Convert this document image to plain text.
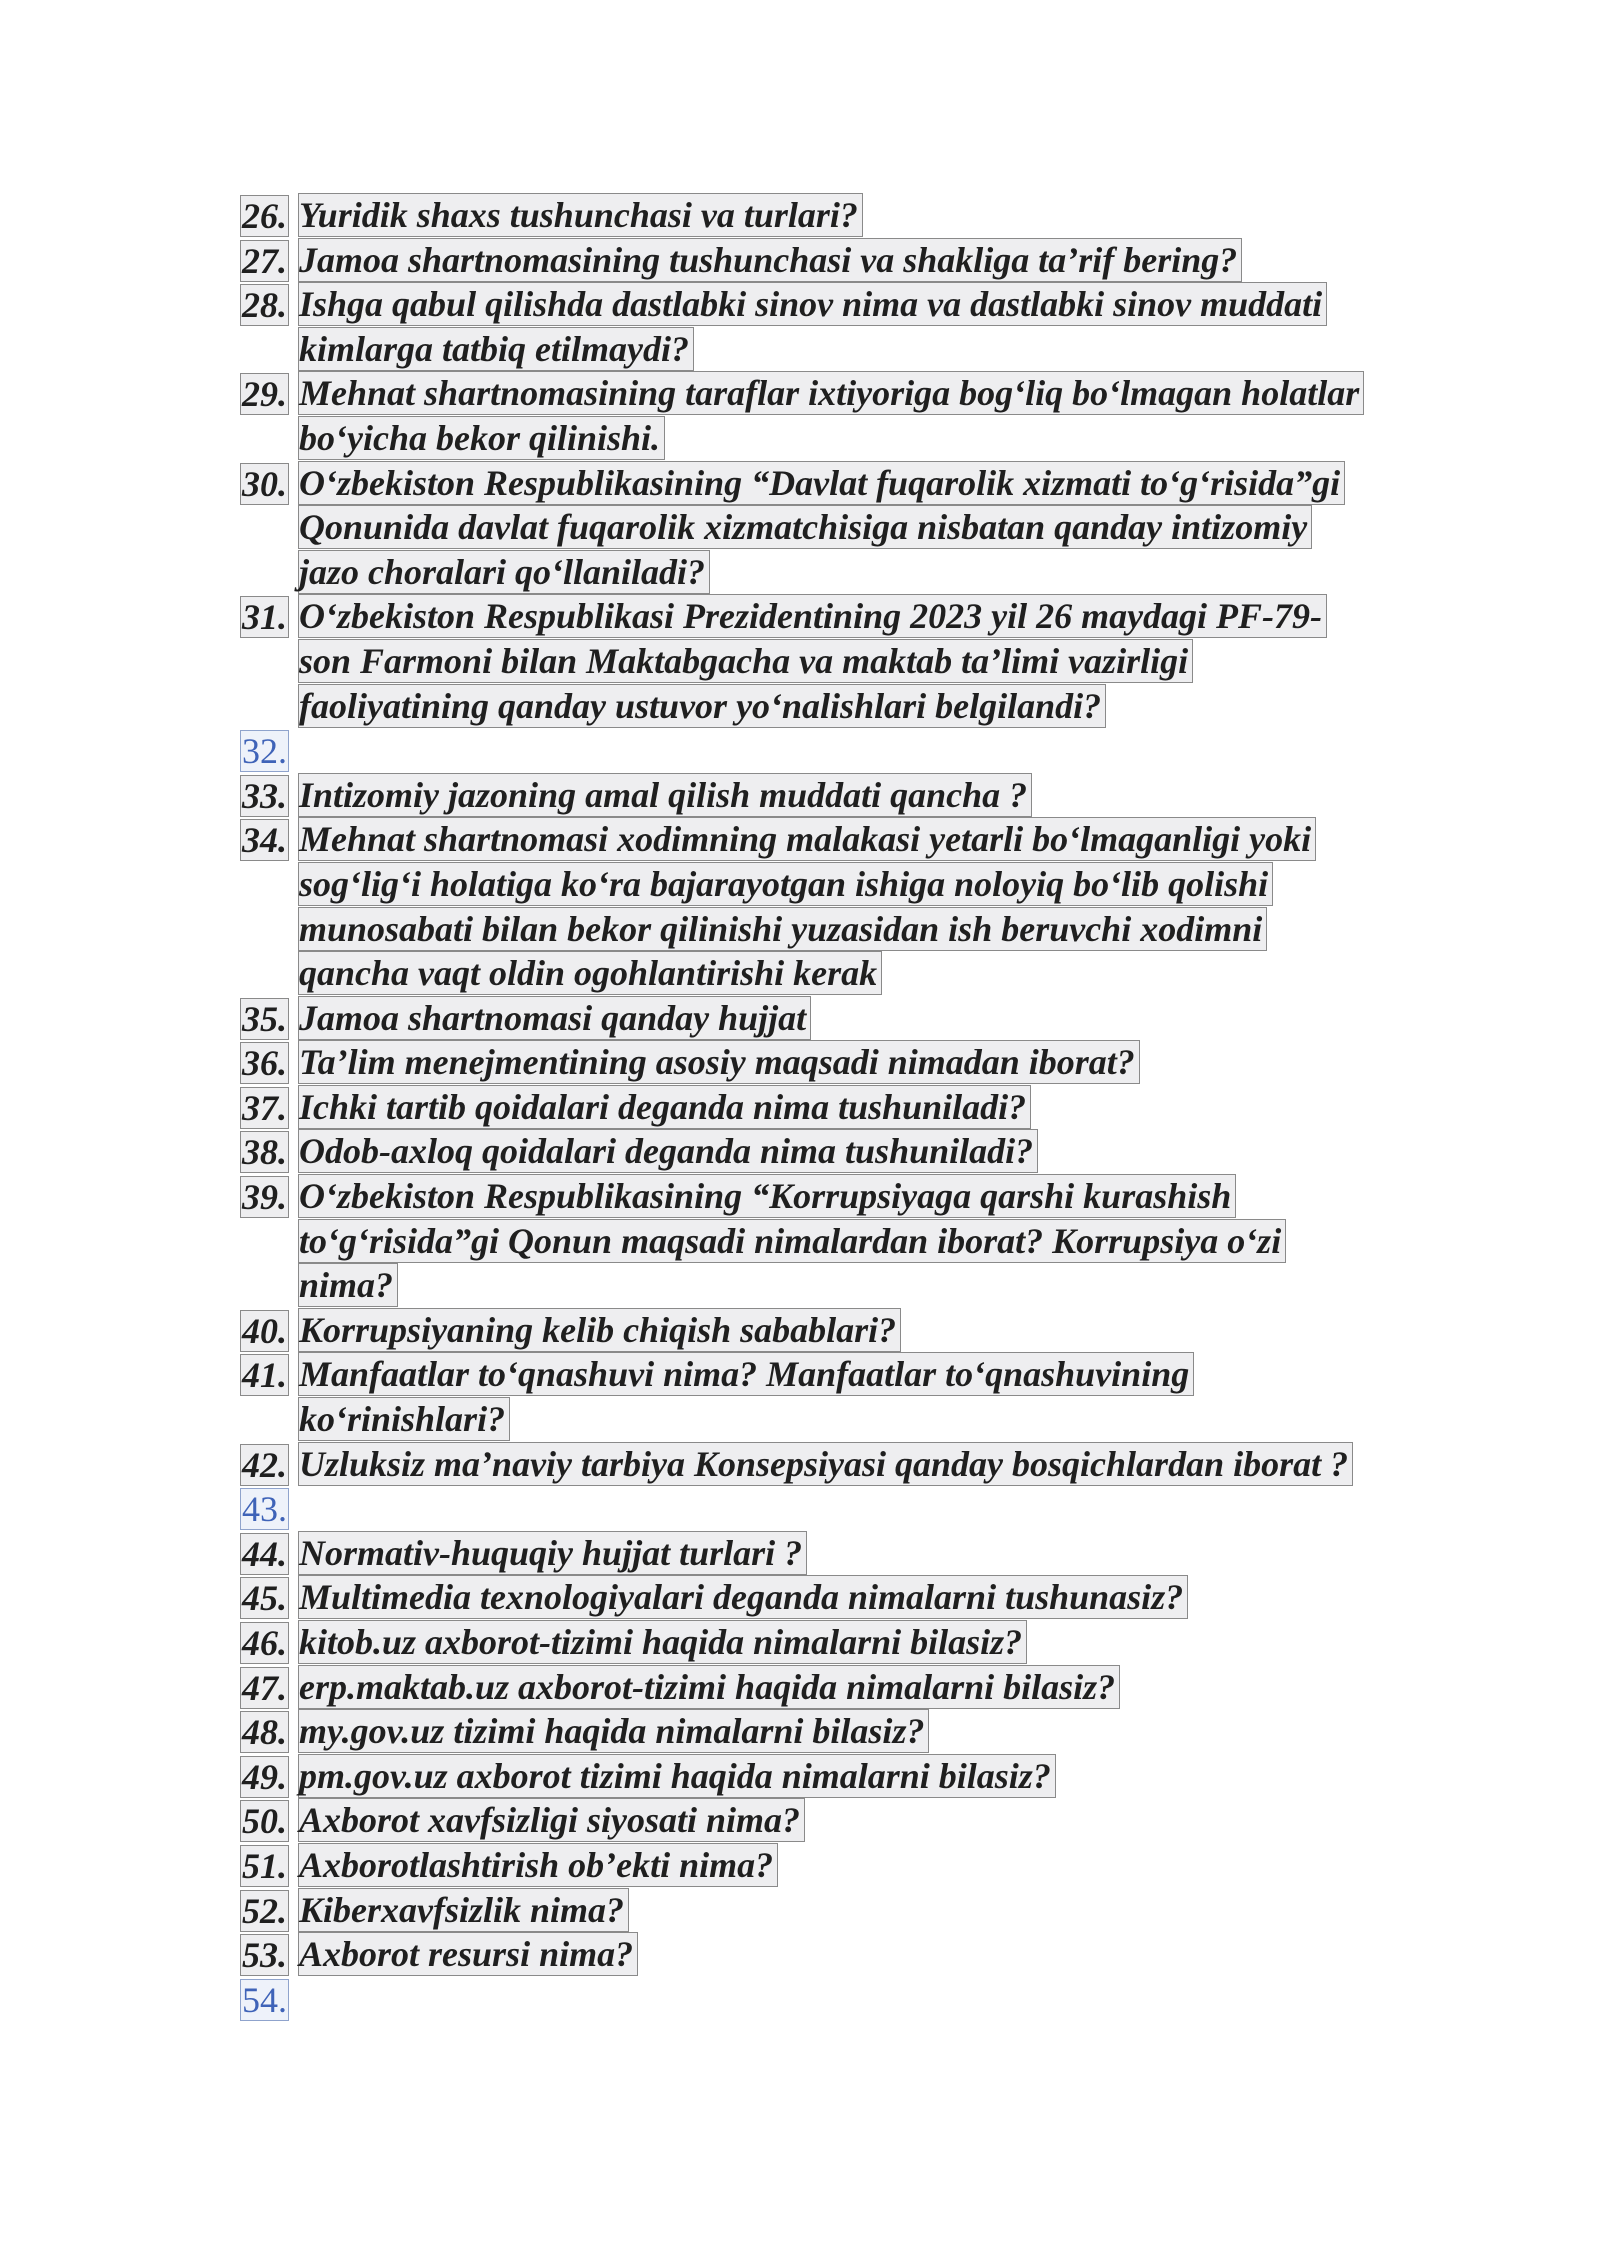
26. Yuridik shaxs tushunchasi va turlari?
27. Jamoa shartnomasining tushunchasi va shakliga ta’rif bering?
28. Ishga qabul qilishda dastlabki sinov nima va dastlabki sinov muddati kimlarga tatbiq etilmaydi?
29. Mehnat shartnomasining taraflar ixtiyoriga bog‘liq bo‘lmagan holatlar bo‘yicha bekor qilinishi.
30. O‘zbekiston Respublikasining “Davlat fuqarolik xizmati to‘g‘risida”gi Qonunida davlat fuqarolik xizmatchisiga nisbatan qanday intizomiy jazo choralari qo‘llaniladi?
31. O‘zbekiston Respublikasi Prezidentining 2023 yil 26 maydagi PF-79-son Farmoni bilan Maktabgacha va maktab ta’limi vazirligi faoliyatining qanday ustuvor yo‘nalishlari belgilandi?
32.

33. Intizomiy jazoning amal qilish muddati qancha ?
34. Mehnat shartnomasi xodimning malakasi yetarli bo‘lmaganligi yoki sog‘lig‘i holatiga ko‘ra bajarayotgan ishiga noloyiq bo‘lib qolishi munosabati bilan bekor qilinishi yuzasidan ish beruvchi xodimni qancha vaqt oldin ogohlantirishi kerak
35. Jamoa shartnomasi qanday hujjat
36. Ta’lim menejmentining asosiy maqsadi nimadan iborat?
37. Ichki tartib qoidalari deganda nima tushuniladi?
38. Odob-axloq qoidalari deganda nima tushuniladi?
39. O‘zbekiston Respublikasining “Korrupsiyaga qarshi kurashish to‘g‘risida”gi Qonun maqsadi nimalardan iborat? Korrupsiya o‘zi nima?
40. Korrupsiyaning kelib chiqish sabablari?
41. Manfaatlar to‘qnashuvi nima? Manfaatlar to‘qnashuvining ko‘rinishlari?
42. Uzluksiz ma’naviy tarbiya Konsepsiyasi qanday bosqichlardan iborat ?
43.

44. Normativ-huquqiy hujjat turlari ?
45. Multimedia texnologiyalari deganda nimalarni tushunasiz?
46. kitob.uz axborot-tizimi haqida nimalarni bilasiz?
47. erp.maktab.uz axborot-tizimi haqida nimalarni bilasiz?
48. my.gov.uz tizimi haqida nimalarni bilasiz?
49. pm.gov.uz axborot tizimi haqida nimalarni bilasiz?
50. Axborot xavfsizligi siyosati nima?
51. Axborotlashtirish ob’ekti nima?
52. Kiberxavfsizlik nima?
53. Axborot resursi nima?
54.
